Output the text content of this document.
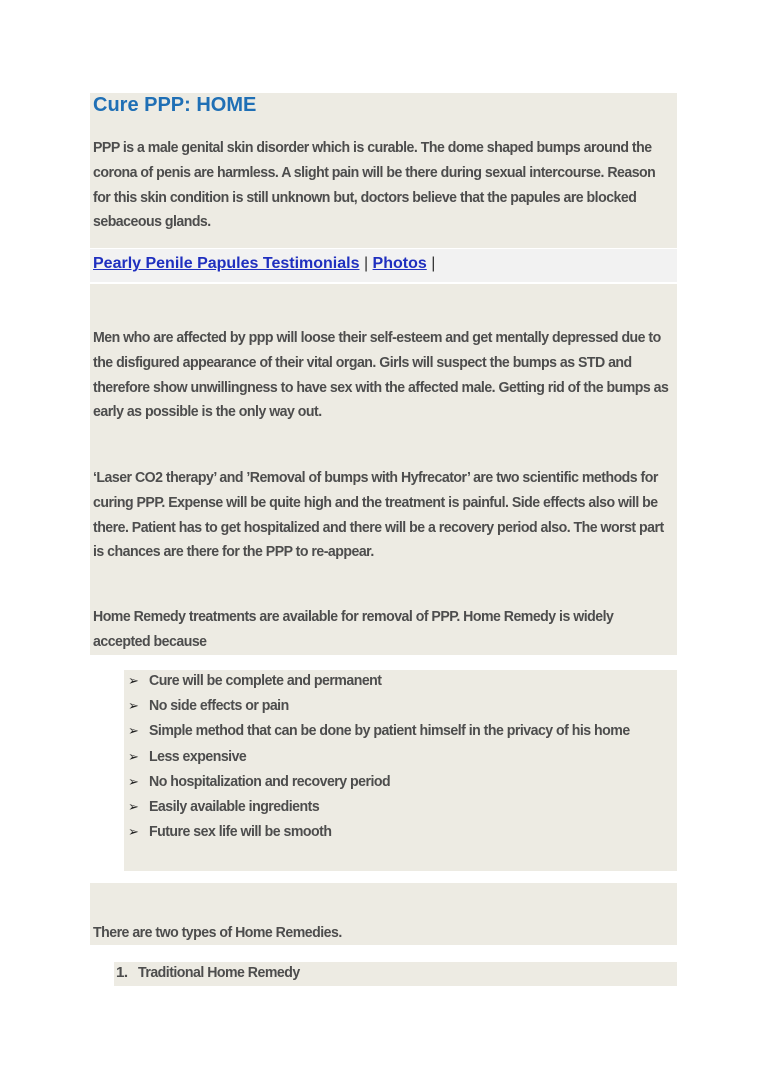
Cure PPP: HOME

PPP is a male genital skin disorder which is curable. The dome shaped bumps around the corona of penis are harmless. A slight pain will be there during sexual intercourse. Reason for this skin condition is still unknown but, doctors believe that the papules are blocked sebaceous glands.

Pearly Penile Papules Testimonials | Photos |

Men who are affected by ppp will loose their self-esteem and get mentally depressed due to the disfigured appearance of their vital organ. Girls will suspect the bumps as STD and therefore show unwillingness to have sex with the affected male. Getting rid of the bumps as early as possible is the only way out.

‘Laser CO2 therapy’ and ’Removal of bumps with Hyfrecator’ are two scientific methods for curing PPP. Expense will be quite high and the treatment is painful. Side effects also will be there. Patient has to get hospitalized and there will be a recovery period also. The worst part is chances are there for the PPP to re-appear.

Home Remedy treatments are available for removal of PPP. Home Remedy is widely accepted because

➢ Cure will be complete and permanent
➢ No side effects or pain
➢ Simple method that can be done by patient himself in the privacy of his home
➢ Less expensive
➢ No hospitalization and recovery period
➢ Easily available ingredients
➢ Future sex life will be smooth

There are two types of Home Remedies.

1. Traditional Home Remedy
